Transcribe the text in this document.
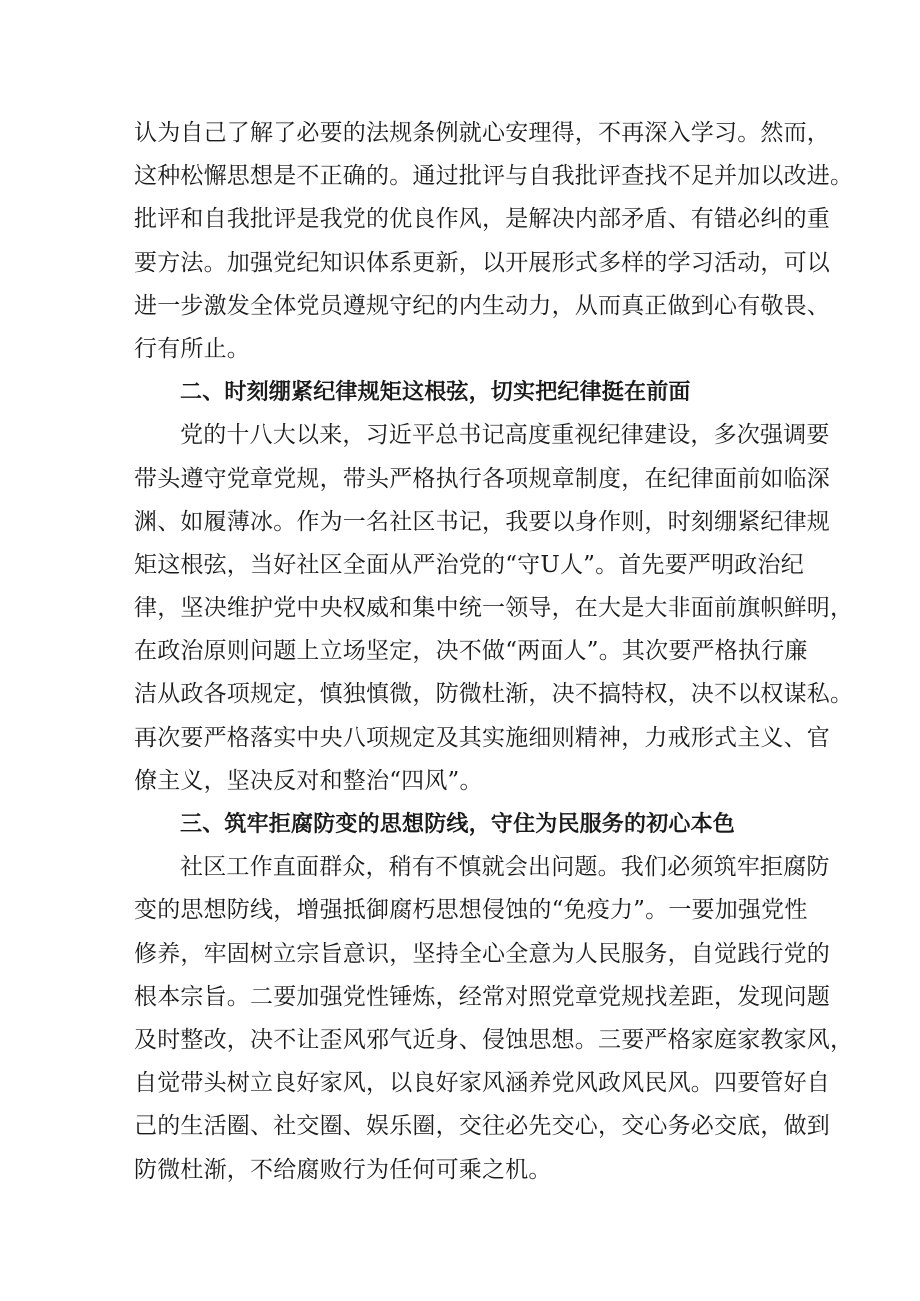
认为自己了解了必要的法规条例就心安理得，不再深入学习。然而，
这种松懈思想是不正确的。通过批评与自我批评查找不足并加以改进。
批评和自我批评是我党的优良作风，是解决内部矛盾、有错必纠的重
要方法。加强党纪知识体系更新，以开展形式多样的学习活动，可以
进一步激发全体党员遵规守纪的内生动力，从而真正做到心有敬畏、
行有所止。
二、时刻绷紧纪律规矩这根弦，切实把纪律挺在前面
党的十八大以来，习近平总书记高度重视纪律建设，多次强调要
带头遵守党章党规，带头严格执行各项规章制度，在纪律面前如临深
渊、如履薄冰。作为一名社区书记，我要以身作则，时刻绷紧纪律规
矩这根弦，当好社区全面从严治党的“守U人”。首先要严明政治纪
律，坚决维护党中央权威和集中统一领导，在大是大非面前旗帜鲜明，
在政治原则问题上立场坚定，决不做“两面人”。其次要严格执行廉
洁从政各项规定，慎独慎微，防微杜渐，决不搞特权，决不以权谋私。
再次要严格落实中央八项规定及其实施细则精神，力戒形式主义、官
僚主义，坚决反对和整治“四风”。
三、筑牢拒腐防变的思想防线，守住为民服务的初心本色
社区工作直面群众，稍有不慎就会出问题。我们必须筑牢拒腐防
变的思想防线，增强抵御腐朽思想侵蚀的“免疫力”。一要加强党性
修养，牢固树立宗旨意识，坚持全心全意为人民服务，自觉践行党的
根本宗旨。二要加强党性锤炼，经常对照党章党规找差距，发现问题
及时整改，决不让歪风邪气近身、侵蚀思想。三要严格家庭家教家风，
自觉带头树立良好家风，以良好家风涵养党风政风民风。四要管好自
己的生活圈、社交圈、娱乐圈，交往必先交心，交心务必交底，做到
防微杜渐，不给腐败行为任何可乘之机。
